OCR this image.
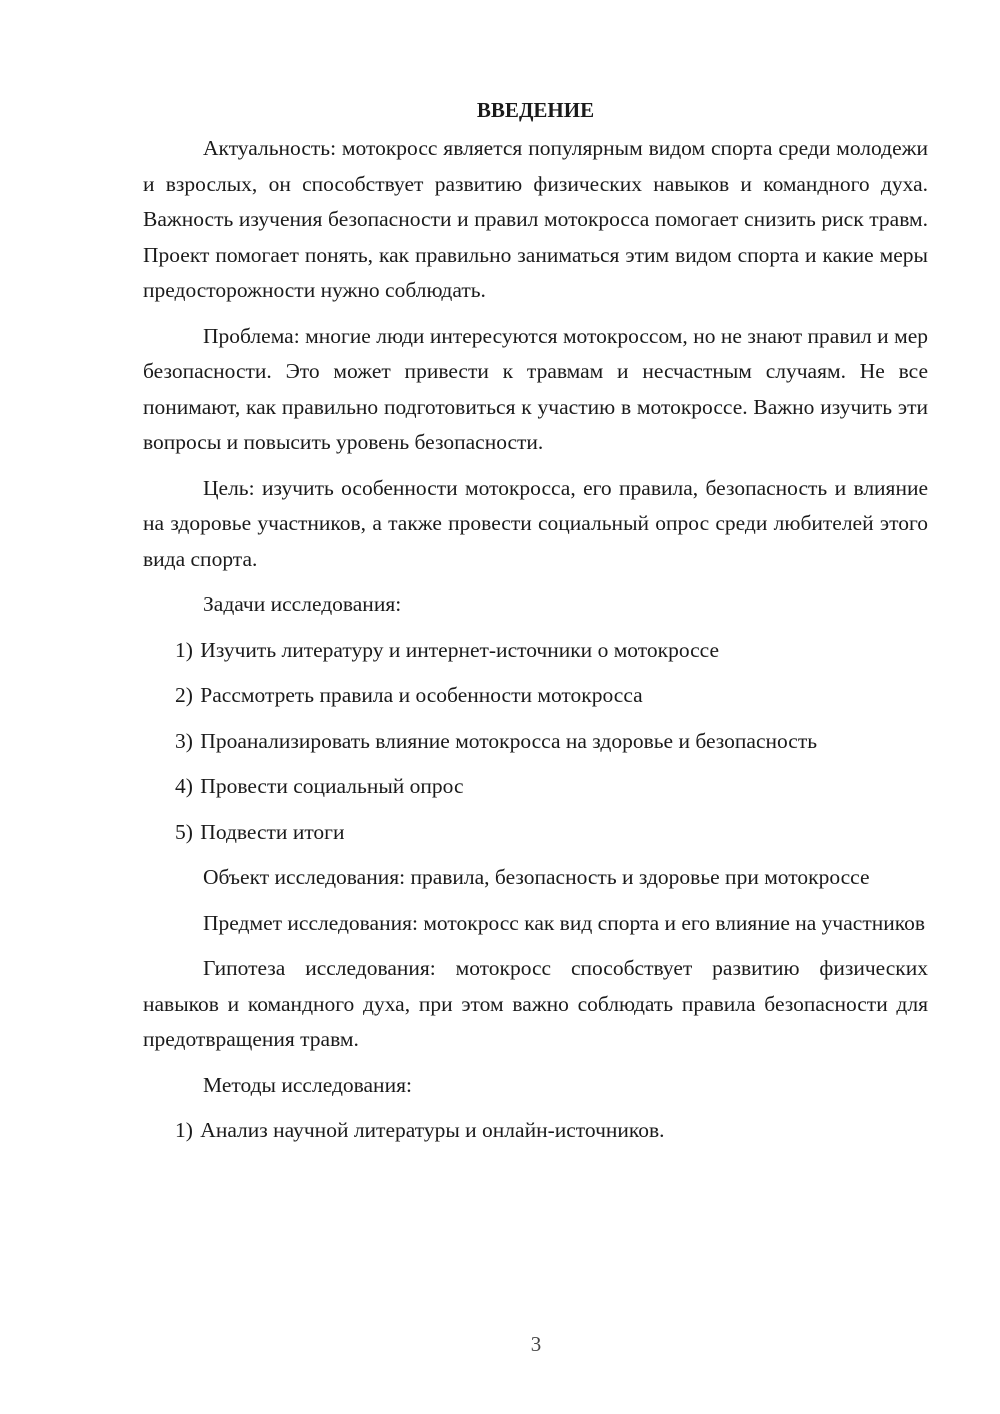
ВВЕДЕНИЕ

Актуальность: мотокросс является популярным видом спорта среди молодежи и взрослых, он способствует развитию физических навыков и командного духа. Важность изучения безопасности и правил мотокросса помогает снизить риск травм. Проект помогает понять, как правильно заниматься этим видом спорта и какие меры предосторожности нужно соблюдать.

Проблема: многие люди интересуются мотокроссом, но не знают правил и мер безопасности. Это может привести к травмам и несчастным случаям. Не все понимают, как правильно подготовиться к участию в мотокроссе. Важно изучить эти вопросы и повысить уровень безопасности.

Цель: изучить особенности мотокросса, его правила, безопасность и влияние на здоровье участников, а также провести социальный опрос среди любителей этого вида спорта.

Задачи исследования:
1) Изучить литературу и интернет-источники о мотокроссе
2) Рассмотреть правила и особенности мотокросса
3) Проанализировать влияние мотокросса на здоровье и безопасность
4) Провести социальный опрос
5) Подвести итоги

Объект исследования: правила, безопасность и здоровье при мотокроссе

Предмет исследования: мотокросс как вид спорта и его влияние на участников

Гипотеза исследования: мотокросс способствует развитию физических навыков и командного духа, при этом важно соблюдать правила безопасности для предотвращения травм.

Методы исследования:
1) Анализ научной литературы и онлайн-источников.
3
